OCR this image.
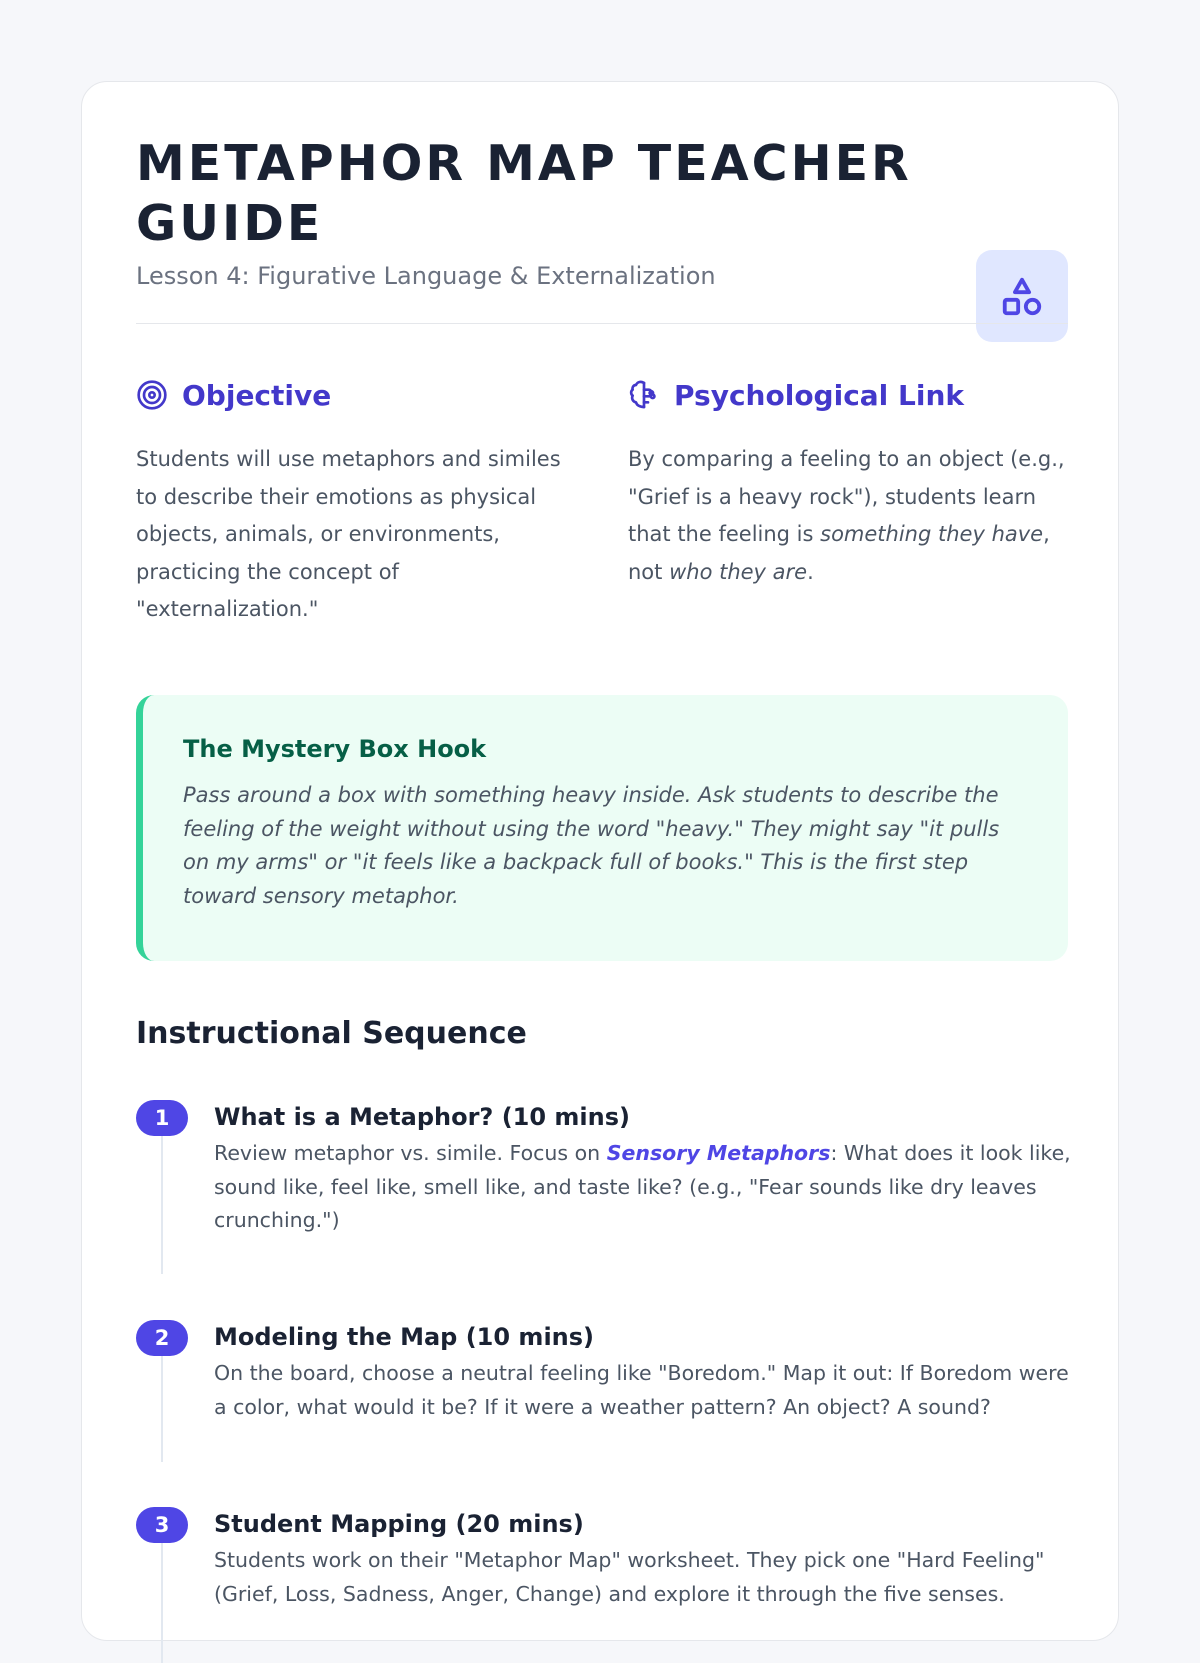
METAPHOR MAP TEACHER GUIDE
Lesson 4: Figurative Language & Externalization
Objective
Students will use metaphors and similes to describe their emotions as physical objects, animals, or environments, practicing the concept of "externalization."
Psychological Link
By comparing a feeling to an object (e.g., "Grief is a heavy rock"), students learn that the feeling is something they have, not who they are.
The Mystery Box Hook
Pass around a box with something heavy inside. Ask students to describe the feeling of the weight without using the word "heavy." They might say "it pulls on my arms" or "it feels like a backpack full of books." This is the first step toward sensory metaphor.
Instructional Sequence
1	What is a Metaphor? (10 mins)
Review metaphor vs. simile. Focus on Sensory Metaphors: What does it look like, sound like, feel like, smell like, and taste like? (e.g., "Fear sounds like dry leaves crunching.")
2	Modeling the Map (10 mins)
On the board, choose a neutral feeling like "Boredom." Map it out: If Boredom were a color, what would it be? If it were a weather pattern? An object? A sound?
3	Student Mapping (20 mins)
Students work on their "Metaphor Map" worksheet. They pick one "Hard Feeling" (Grief, Loss, Sadness, Anger, Change) and explore it through the five senses.
